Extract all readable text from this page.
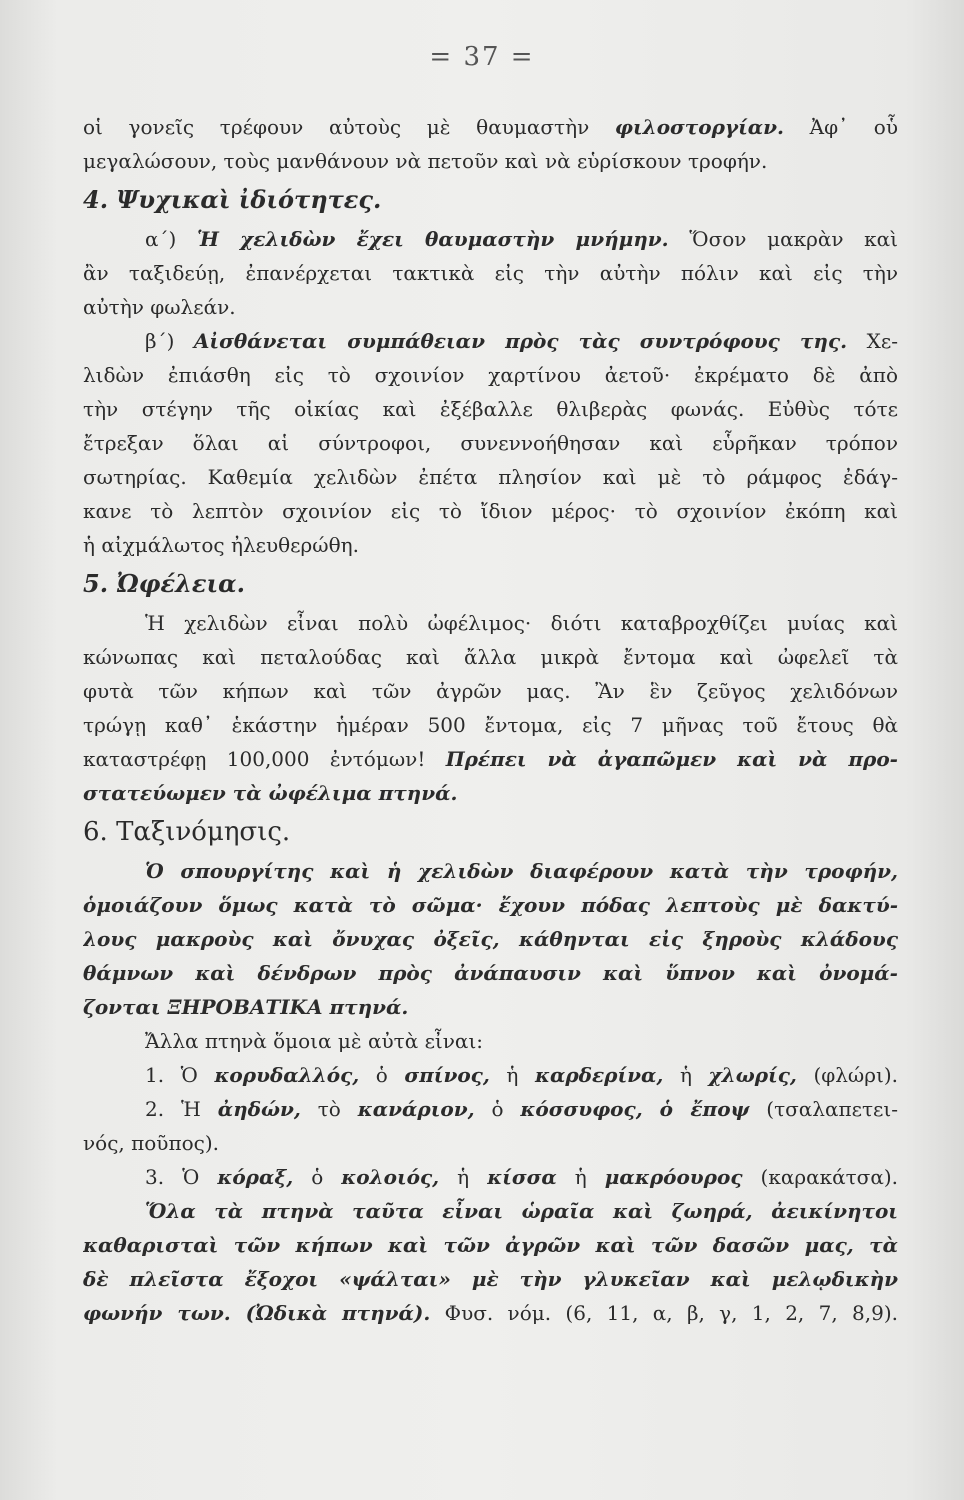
= 37 =
οἱ γονεῖς τρέφουν αὐτοὺς μὲ θαυμαστὴν φιλοστοργίαν. Ἀφ᾿ οὗ
μεγαλώσουν, τοὺς μανθάνουν νὰ πετοῦν καὶ νὰ εὑρίσκουν τροφήν.
4. Ψυχικαὶ ἰδιότητες.
α΄) Ἡ χελιδὼν ἔχει θαυμαστὴν μνήμην. Ὅσον μακρὰν καὶ
ἂν ταξιδεύῃ, ἐπανέρχεται τακτικὰ εἰς τὴν αὐτὴν πόλιν καὶ εἰς τὴν
αὐτὴν φωλεάν.
β΄) Αἰσθάνεται συμπάθειαν πρὸς τὰς συντρόφους της. Χε-
λιδὼν ἐπιάσθη εἰς τὸ σχοινίον χαρτίνου ἀετοῦ· ἐκρέματο δὲ ἀπὸ
τὴν στέγην τῆς οἰκίας καὶ ἐξέβαλλε θλιβερὰς φωνάς. Εὐθὺς τότε
ἔτρεξαν ὅλαι αἱ σύντροφοι, συνεννοήθησαν καὶ εὗρῆκαν τρόπον
σωτηρίας. Καθεμία χελιδὼν ἐπέτα πλησίον καὶ μὲ τὸ ράμφος ἐδάγ-
κανε τὸ λεπτὸν σχοινίον εἰς τὸ ἴδιον μέρος· τὸ σχοινίον ἐκόπη καὶ
ἡ αἰχμάλωτος ἠλευθερώθη.
5. Ὠφέλεια.
Ἡ χελιδὼν εἶναι πολὺ ὠφέλιμος· διότι καταβροχθίζει μυίας καὶ
κώνωπας καὶ πεταλούδας καὶ ἄλλα μικρὰ ἔντομα καὶ ὠφελεῖ τὰ
φυτὰ τῶν κήπων καὶ τῶν ἀγρῶν μας. Ἂν ἓν ζεῦγος χελιδόνων
τρώγῃ καθ᾿ ἑκάστην ἡμέραν 500 ἔντομα, εἰς 7 μῆνας τοῦ ἔτους θὰ
καταστρέφῃ 100,000 ἐντόμων! Πρέπει νὰ ἀγαπῶμεν καὶ νὰ προ-
στατεύωμεν τὰ ὠφέλιμα πτηνά.
6. Ταξινόμησις.
Ὁ σπουργίτης καὶ ἡ χελιδὼν διαφέρουν κατὰ τὴν τροφήν,
ὁμοιάζουν ὅμως κατὰ τὸ σῶμα· ἔχουν πόδας λεπτοὺς μὲ δακτύ-
λους μακροὺς καὶ ὄνυχας ὀξεῖς, κάθηνται εἰς ξηροὺς κλάδους
θάμνων καὶ δένδρων πρὸς ἀνάπαυσιν καὶ ὕπνον καὶ ὀνομά-
ζονται ΞΗΡΟΒΑΤΙΚΑ πτηνά.
Ἄλλα πτηνὰ ὅμοια μὲ αὐτὰ εἶναι:
1. Ὁ κορυδαλλός, ὁ σπίνος, ἡ καρδερίνα, ἡ χλωρίς, (φλώρι).
2. Ἡ ἀηδών, τὸ κανάριον, ὁ κόσσυφος, ὁ ἔποψ (τσαλαπετει-
νός, ποῦπος).
3. Ὁ κόραξ, ὁ κολοιός, ἡ κίσσα ἡ μακρόουρος (καρακάτσα).
Ὅλα τὰ πτηνὰ ταῦτα εἶναι ὡραῖα καὶ ζωηρά, ἀεικίνητοι
καθαρισταὶ τῶν κήπων καὶ τῶν ἀγρῶν καὶ τῶν δασῶν μας, τὰ
δὲ πλεῖστα ἔξοχοι «ψάλται» μὲ τὴν γλυκεῖαν καὶ μελῳδικὴν
φωνήν των. (Ὠδικὰ πτηνά). Φυσ. νόμ. (6, 11, α, β, γ, 1, 2, 7, 8,9).
